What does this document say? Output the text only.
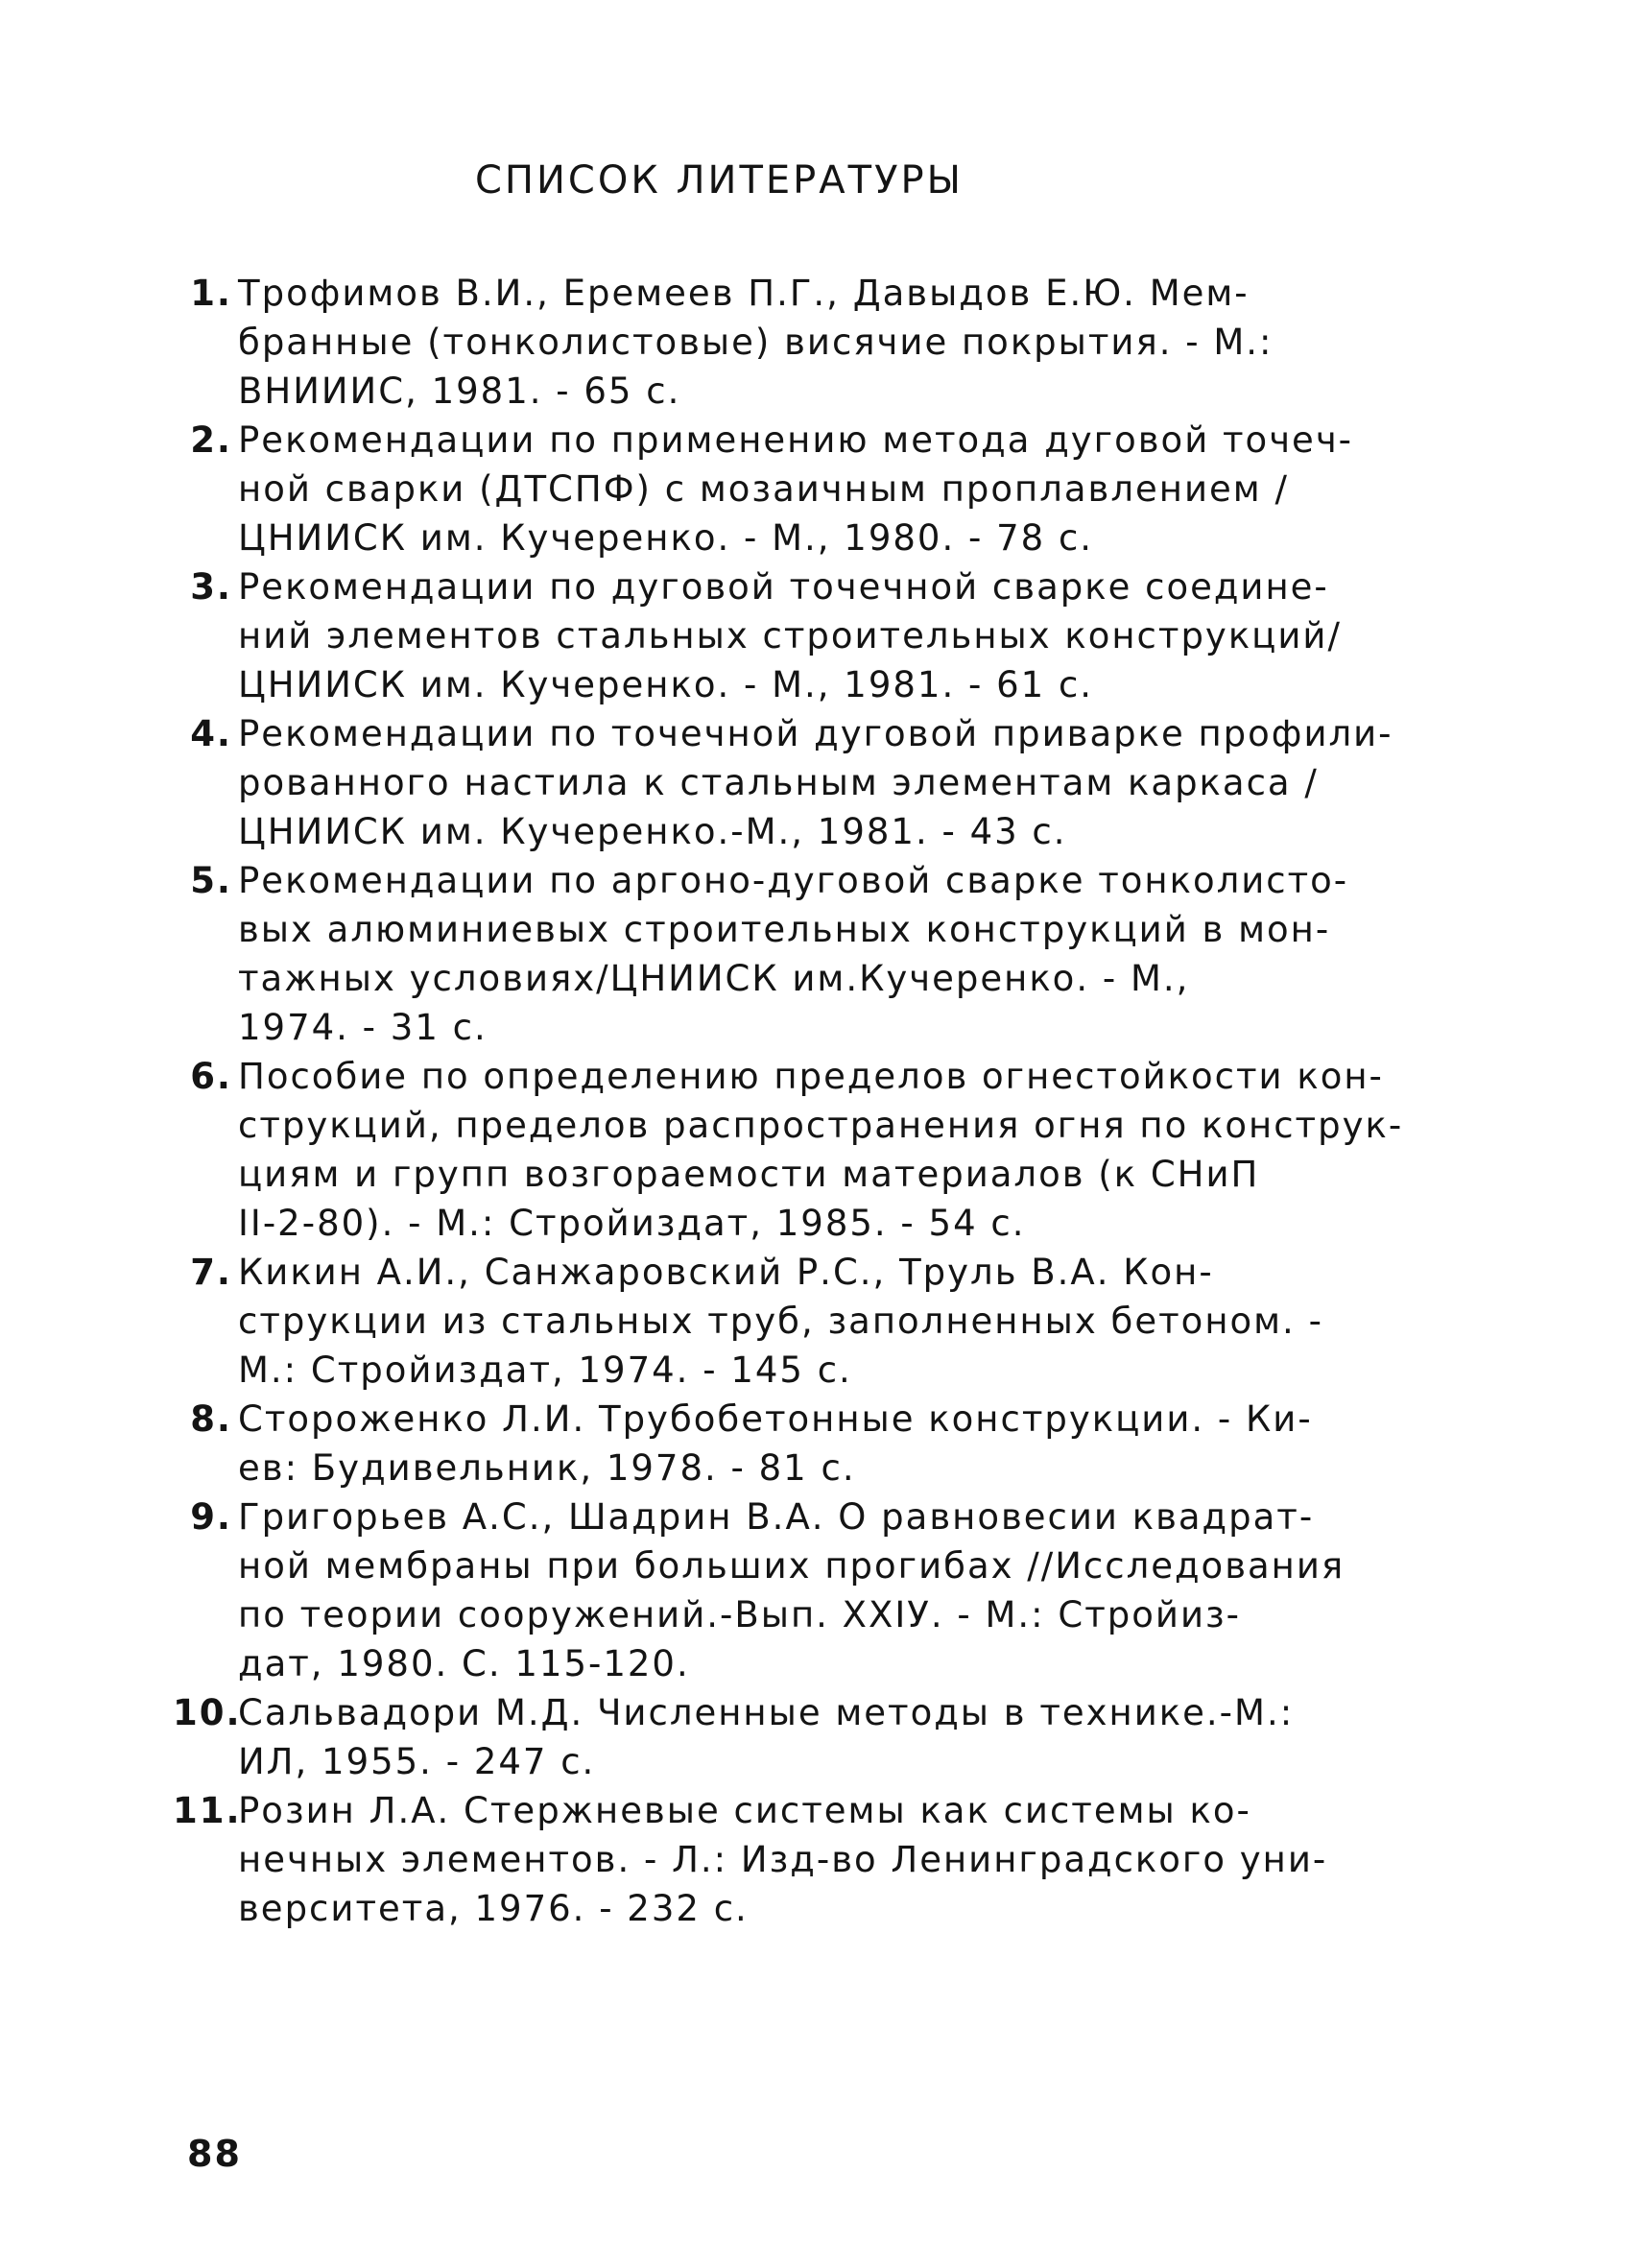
СПИСОК ЛИТЕРАТУРЫ
1. Трофимов В.И., Еремеев П.Г., Давыдов Е.Ю. Мем-
бранные (тонколистовые) висячие покрытия. - М.:
ВНИИИС, 1981. - 65 с.
2. Рекомендации по применению метода дуговой точеч-
ной сварки (ДТСПФ) с мозаичным проплавлением /
ЦНИИСК им. Кучеренко. - М., 1980. - 78 с.
3. Рекомендации по дуговой точечной сварке соедине-
ний элементов стальных строительных конструкций/
ЦНИИСК им. Кучеренко. - М., 1981. - 61 с.
4. Рекомендации по точечной дуговой приварке профили-
рованного настила к стальным элементам каркаса /
ЦНИИСК им. Кучеренко.-М., 1981. - 43 с.
5. Рекомендации по аргоно-дуговой сварке тонколисто-
вых алюминиевых строительных конструкций в мон-
тажных условиях/ЦНИИСК им.Кучеренко. - М.,
1974. - 31 с.
6. Пособие по определению пределов огнестойкости кон-
струкций, пределов распространения огня по конструк-
циям и групп возгораемости материалов (к СНиП
II-2-80). - М.: Стройиздат, 1985. - 54 с.
7. Кикин А.И., Санжаровский Р.С., Труль В.А. Кон-
струкции из стальных труб, заполненных бетоном. -
М.: Стройиздат, 1974. - 145 с.
8. Стороженко Л.И. Трубобетонные конструкции. - Ки-
ев: Будивельник, 1978. - 81 с.
9. Григорьев А.С., Шадрин В.А. О равновесии квадрат-
ной мембраны при больших прогибах //Исследования
по теории сооружений.-Вып. XXIУ. - М.: Стройиз-
дат, 1980. С. 115-120.
10.
Сальвадори М.Д. Численные методы в технике.-М.:
ИЛ, 1955. - 247 с.
11.
Розин Л.А. Стержневые системы как системы ко-
нечных элементов. - Л.: Изд-во Ленинградского уни-
верситета, 1976. - 232 с.
88
